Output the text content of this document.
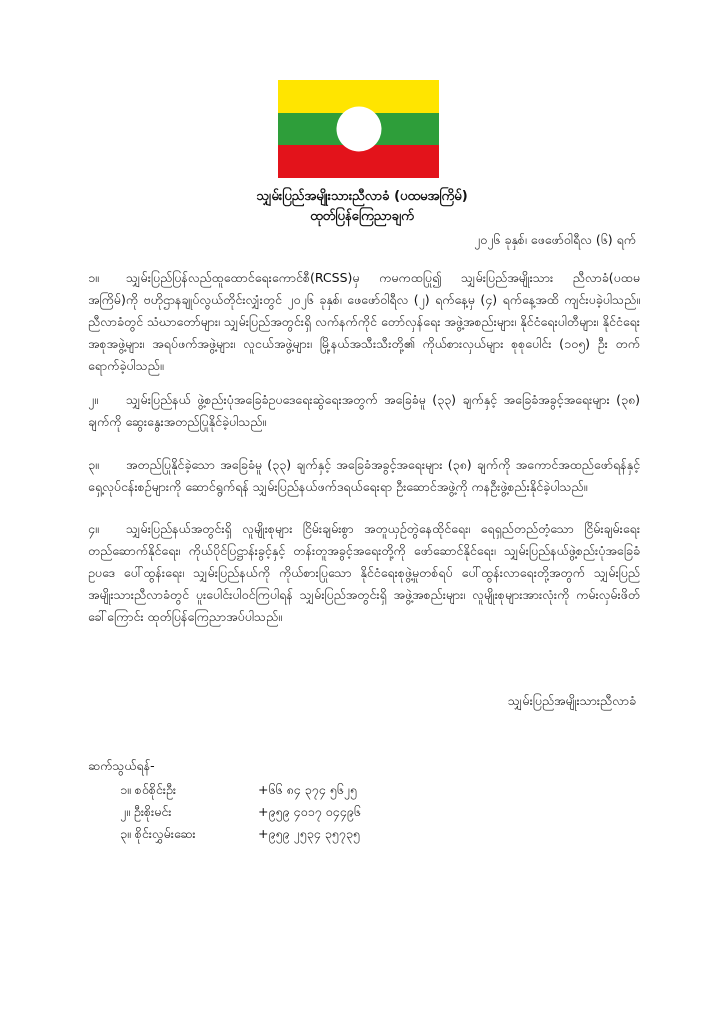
သျှမ်းပြည်အမျိုးသားညီလာခံ (ပထမအကြိမ်)
ထုတ်ပြန်ကြေညာချက်
၂၀၂၆ ခုနှစ်၊ ဖေဖော်ဝါရီလ (၆) ရက်

၁။ သျှမ်းပြည်ပြန်လည်ထူထောင်ရေးကောင်စီ(RCSS)မှ ကမကထပြု၍ သျှမ်းပြည်အမျိုးသား ညီလာခံ(ပထမအကြိမ်)ကို ဗဟိုဌာနချုပ်လွယ်တိုင်းလျှံးတွင် ၂၀၂၆ ခုနှစ်၊ ဖေဖော်ဝါရီလ (၂) ရက်နေ့မှ (၄) ရက်နေ့အထိ ကျင်းပခဲ့ပါသည်။ ညီလာခံတွင် သံဃာတော်များ၊ သျှမ်းပြည်အတွင်းရှိ လက်နက်ကိုင် တော်လှန်ရေး အဖွဲ့အစည်းများ၊ နိုင်ငံရေးပါတီများ၊ နိုင်ငံရေးအစုအဖွဲ့များ၊ အရပ်ဖက်အဖွဲ့များ၊ လူငယ်အဖွဲ့များ၊ မြို့နယ်အသီးသီးတို့၏ ကိုယ်စားလှယ်များ စုစုပေါင်း (၁၀၅) ဦး တက်ရောက်ခဲ့ပါသည်။

၂။ သျှမ်းပြည်နယ် ဖွဲ့စည်းပုံအခြေခံဥပဒေရေးဆွဲရေးအတွက် အခြေခံမူ (၃၃) ချက်နှင့် အခြေခံအခွင့်အရေးများ (၃၈) ချက်ကို ဆွေးနွေးအတည်ပြုနိုင်ခဲ့ပါသည်။

၃။ အတည်ပြုနိုင်ခဲ့သော အခြေခံမူ (၃၃) ချက်နှင့် အခြေခံအခွင့်အရေးများ (၃၈) ချက်ကို အကောင်အထည်ဖော်ရန်နှင့် ရှေ့လုပ်ငန်းစဉ်များကို ဆောင်ရွက်ရန် သျှမ်းပြည်နယ်ဖက်ဒရယ်ရေးရာ ဦးဆောင်အဖွဲ့ကို ကနဦးဖွဲ့စည်းနိုင်ခဲ့ပါသည်။

၄။ သျှမ်းပြည်နယ်အတွင်းရှိ လူမျိုးစုများ ငြိမ်းချမ်းစွာ အတူယှဉ်တွဲနေထိုင်ရေး၊ ရေရှည်တည်တံ့သော ငြိမ်းချမ်းရေး တည်ဆောက်နိုင်ရေး၊ ကိုယ်ပိုင်ပြဋ္ဌာန်းခွင့်နှင့် တန်းတူအခွင့်အရေးတို့ကို ဖော်ဆောင်နိုင်ရေး၊ သျှမ်းပြည်နယ်ဖွဲ့စည်းပုံအခြေခံဥပဒေ ပေါ်ထွန်းရေး၊ သျှမ်းပြည်နယ်ကို ကိုယ်စားပြုသော နိုင်ငံရေးစုဖွဲ့မှုတစ်ရပ် ပေါ်ထွန်းလာရေးတို့အတွက် သျှမ်းပြည်အမျိုးသားညီလာခံတွင် ပူးပေါင်းပါဝင်ကြပါရန် သျှမ်းပြည်အတွင်းရှိ အဖွဲ့အစည်းများ၊ လူမျိုးစုများအားလုံးကို ကမ်းလှမ်းဖိတ်ခေါ်ကြောင်း ထုတ်ပြန်ကြေညာအပ်ပါသည်။

သျှမ်းပြည်အမျိုးသားညီလာခံ
ဆက်သွယ်ရန်-
၁။ စဝ်စိုင်းဦး	+၆၆ ၈၄ ၃၇၄ ၅၆၂၅
၂။ ဦးစိုးမင်း	+၉၅၉ ၄၀၁၇ ၀၄၄၉၆
၃။ စိုင်းလွှမ်းဆေး	+၉၅၉ ၂၅၃၄ ၃၅၇၃၅
